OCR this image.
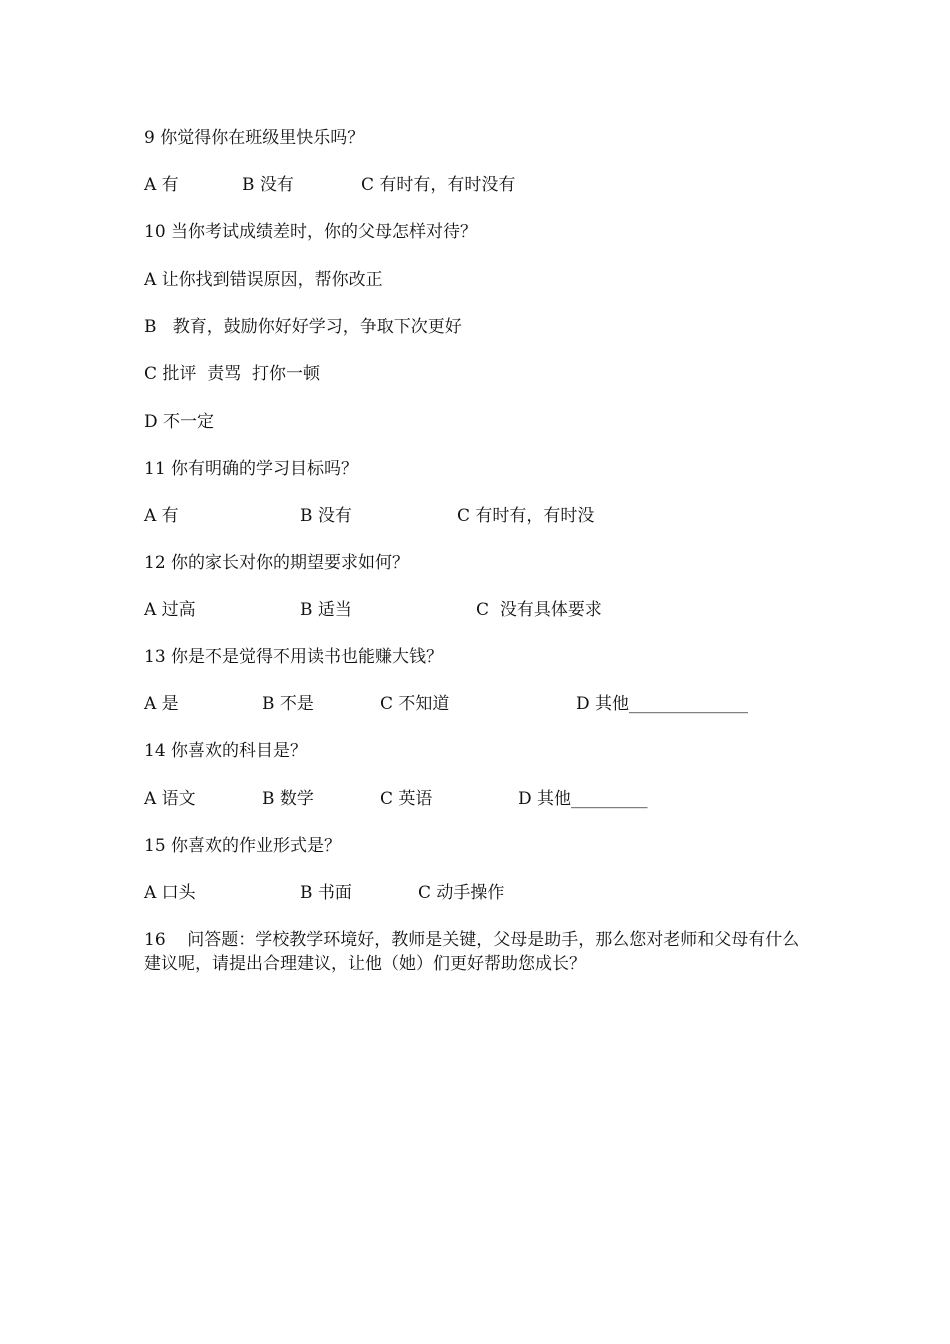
9 你觉得你在班级里快乐吗？
A 有	B 没有	C 有时有，有时没有
10 当你考试成绩差时，你的父母怎样对待？
A 让你找到错误原因，帮你改正
B   教育，鼓励你好好学习，争取下次更好
C 批评  责骂  打你一顿
D 不一定
11 你有明确的学习目标吗？
A 有	B 没有	C 有时有，有时没
12 你的家长对你的期望要求如何？
A 过高	B 适当	C  没有具体要求
13 你是不是觉得不用读书也能赚大钱？
A 是	B 不是	C 不知道	D 其他______________
14 你喜欢的科目是？
A 语文	B 数学	C 英语	D 其他_________
15 你喜欢的作业形式是？
A 口头	B 书面	C 动手操作
16    问答题：学校教学环境好，教师是关键，父母是助手，那么您对老师和父母有什么建议呢，请提出合理建议，让他（她）们更好帮助您成长？
